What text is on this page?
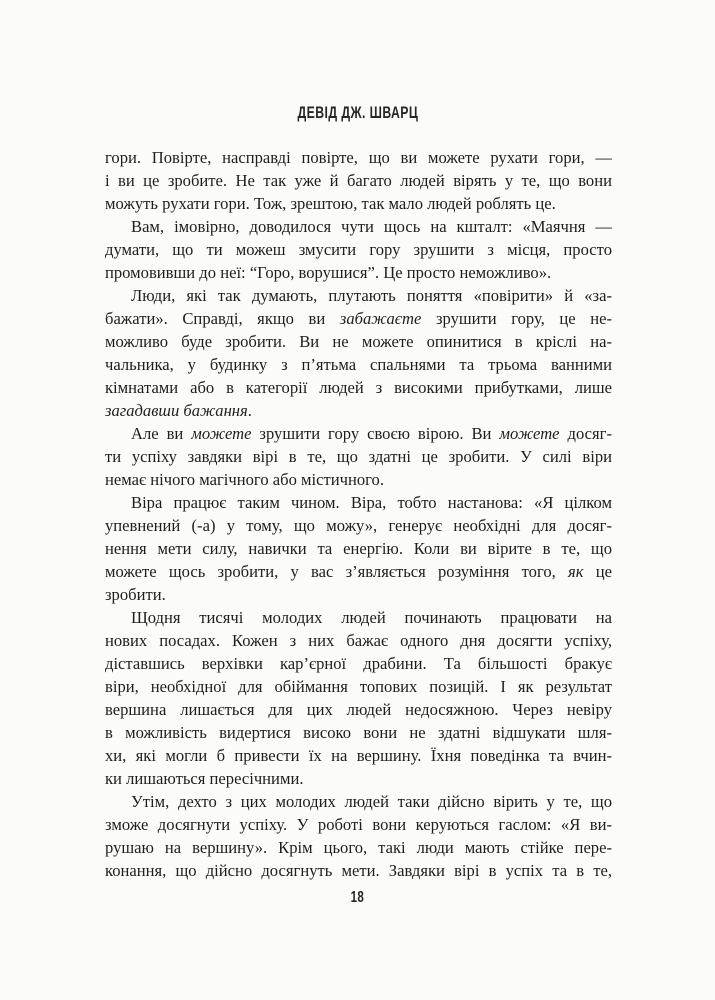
ДЕВІД ДЖ. ШВАРЦ
гори. Повірте, насправді повірте, що ви можете рухати гори, —
і ви це зробите. Не так уже й багато людей вірять у те, що вони
можуть рухати гори. Тож, зрештою, так мало людей роблять це.
Вам, імовірно, доводилося чути щось на кшталт: «Маячня —
думати, що ти можеш змусити гору зрушити з місця, просто
промовивши до неї: “Горо, ворушися”. Це просто неможливо».
Люди, які так думають, плутають поняття «повірити» й «за-
бажати». Справді, якщо ви забажаєте зрушити гору, це не-
можливо буде зробити. Ви не можете опинитися в кріслі на-
чальника, у будинку з п’ятьма спальнями та трьома ванними
кімнатами або в категорії людей з високими прибутками, лише
загадавши бажання.
Але ви можете зрушити гору своєю вірою. Ви можете досяг-
ти успіху завдяки вірі в те, що здатні це зробити. У силі віри
немає нічого магічного або містичного.
Віра працює таким чином. Віра, тобто настанова: «Я цілком
упевнений (-а) у тому, що можу», генерує необхідні для досяг-
нення мети силу, навички та енергію. Коли ви вірите в те, що
можете щось зробити, у вас з’являється розуміння того, як це
зробити.
Щодня тисячі молодих людей починають працювати на
нових посадах. Кожен з них бажає одного дня досягти успіху,
діставшись верхівки кар’єрної драбини. Та більшості бракує
віри, необхідної для обіймання топових позицій. І як результат
вершина лишається для цих людей недосяжною. Через невіру
в можливість видертися високо вони не здатні відшукати шля-
хи, які могли б привести їх на вершину. Їхня поведінка та вчин-
ки лишаються пересічними.
Утім, дехто з цих молодих людей таки дійсно вірить у те, що
зможе досягнути успіху. У роботі вони керуються гаслом: «Я ви-
рушаю на вершину». Крім цього, такі люди мають стійке пере-
конання, що дійсно досягнуть мети. Завдяки вірі в успіх та в те,
18
